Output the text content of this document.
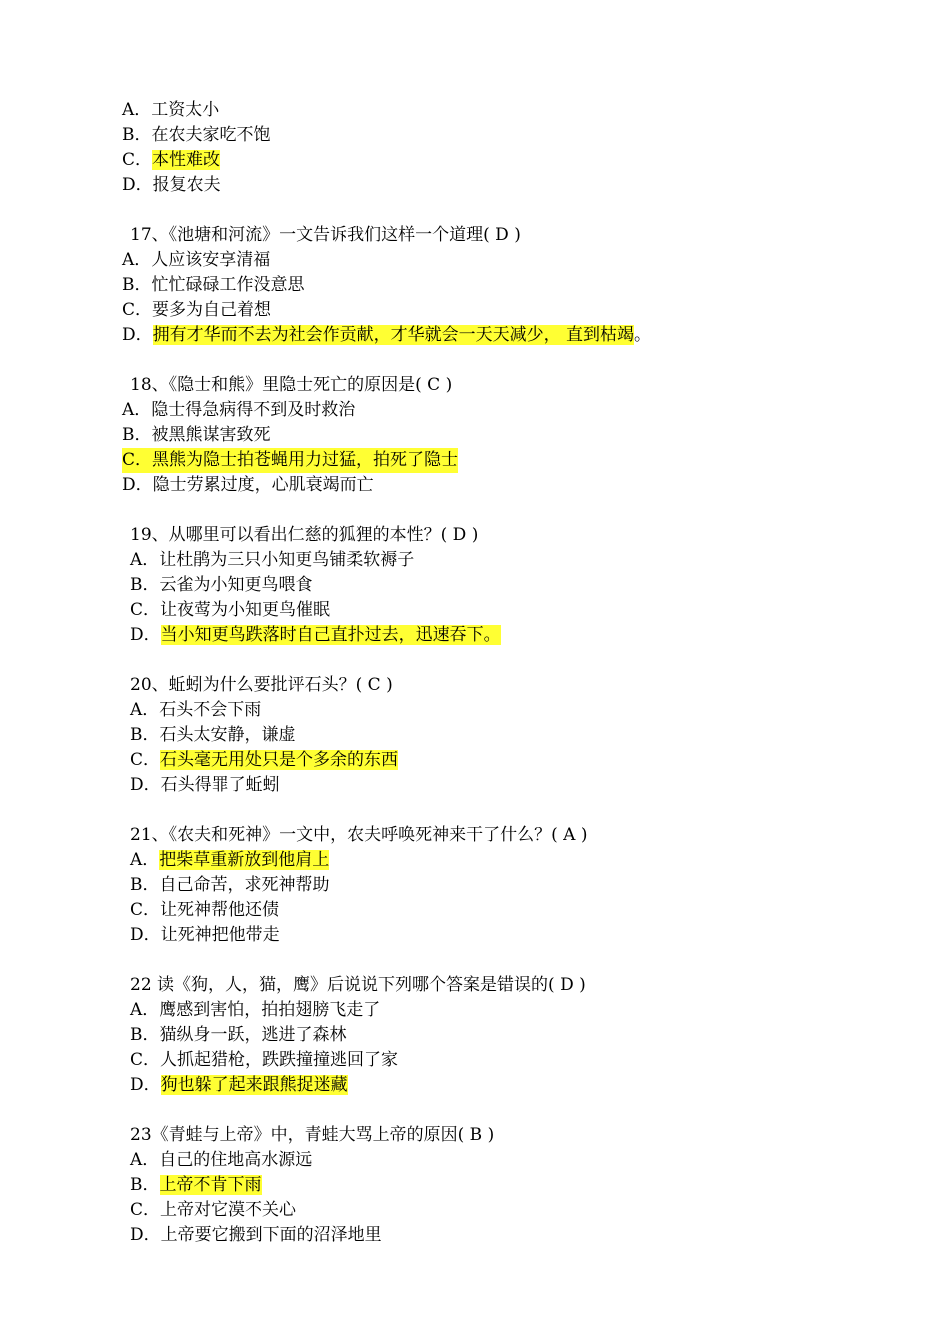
A．工资太小
B．在农夫家吃不饱
C．本性难改
D．报复农夫
17、《池塘和河流》一文告诉我们这样一个道理( D )
A．人应该安享清福
B．忙忙碌碌工作没意思
C．要多为自己着想
D．拥有才华而不去为社会作贡献，才华就会一天天减少， 直到枯竭。
18、《隐士和熊》里隐士死亡的原因是( C )
A．隐士得急病得不到及时救治
B．被黑熊谋害致死
C．黑熊为隐士拍苍蝇用力过猛，拍死了隐士
D．隐士劳累过度，心肌衰竭而亡
19、从哪里可以看出仁慈的狐狸的本性？( D )
A．让杜鹃为三只小知更鸟铺柔软褥子
B．云雀为小知更鸟喂食
C．让夜莺为小知更鸟催眠
D．当小知更鸟跌落时自己直扑过去，迅速吞下。
20、蚯蚓为什么要批评石头？( C )
A．石头不会下雨
B．石头太安静，谦虚
C．石头毫无用处只是个多余的东西
D．石头得罪了蚯蚓
21、《农夫和死神》一文中，农夫呼唤死神来干了什么？( A )
A．把柴草重新放到他肩上
B．自己命苦，求死神帮助
C．让死神帮他还债
D．让死神把他带走
22 读《狗，人，猫，鹰》后说说下列哪个答案是错误的( D )
A．鹰感到害怕，拍拍翅膀飞走了
B．猫纵身一跃，逃进了森林
C．人抓起猎枪，跌跌撞撞逃回了家
D．狗也躲了起来跟熊捉迷藏
23《青蛙与上帝》中，青蛙大骂上帝的原因( B )
A．自己的住地高水源远
B．上帝不肯下雨
C．上帝对它漠不关心
D．上帝要它搬到下面的沼泽地里
